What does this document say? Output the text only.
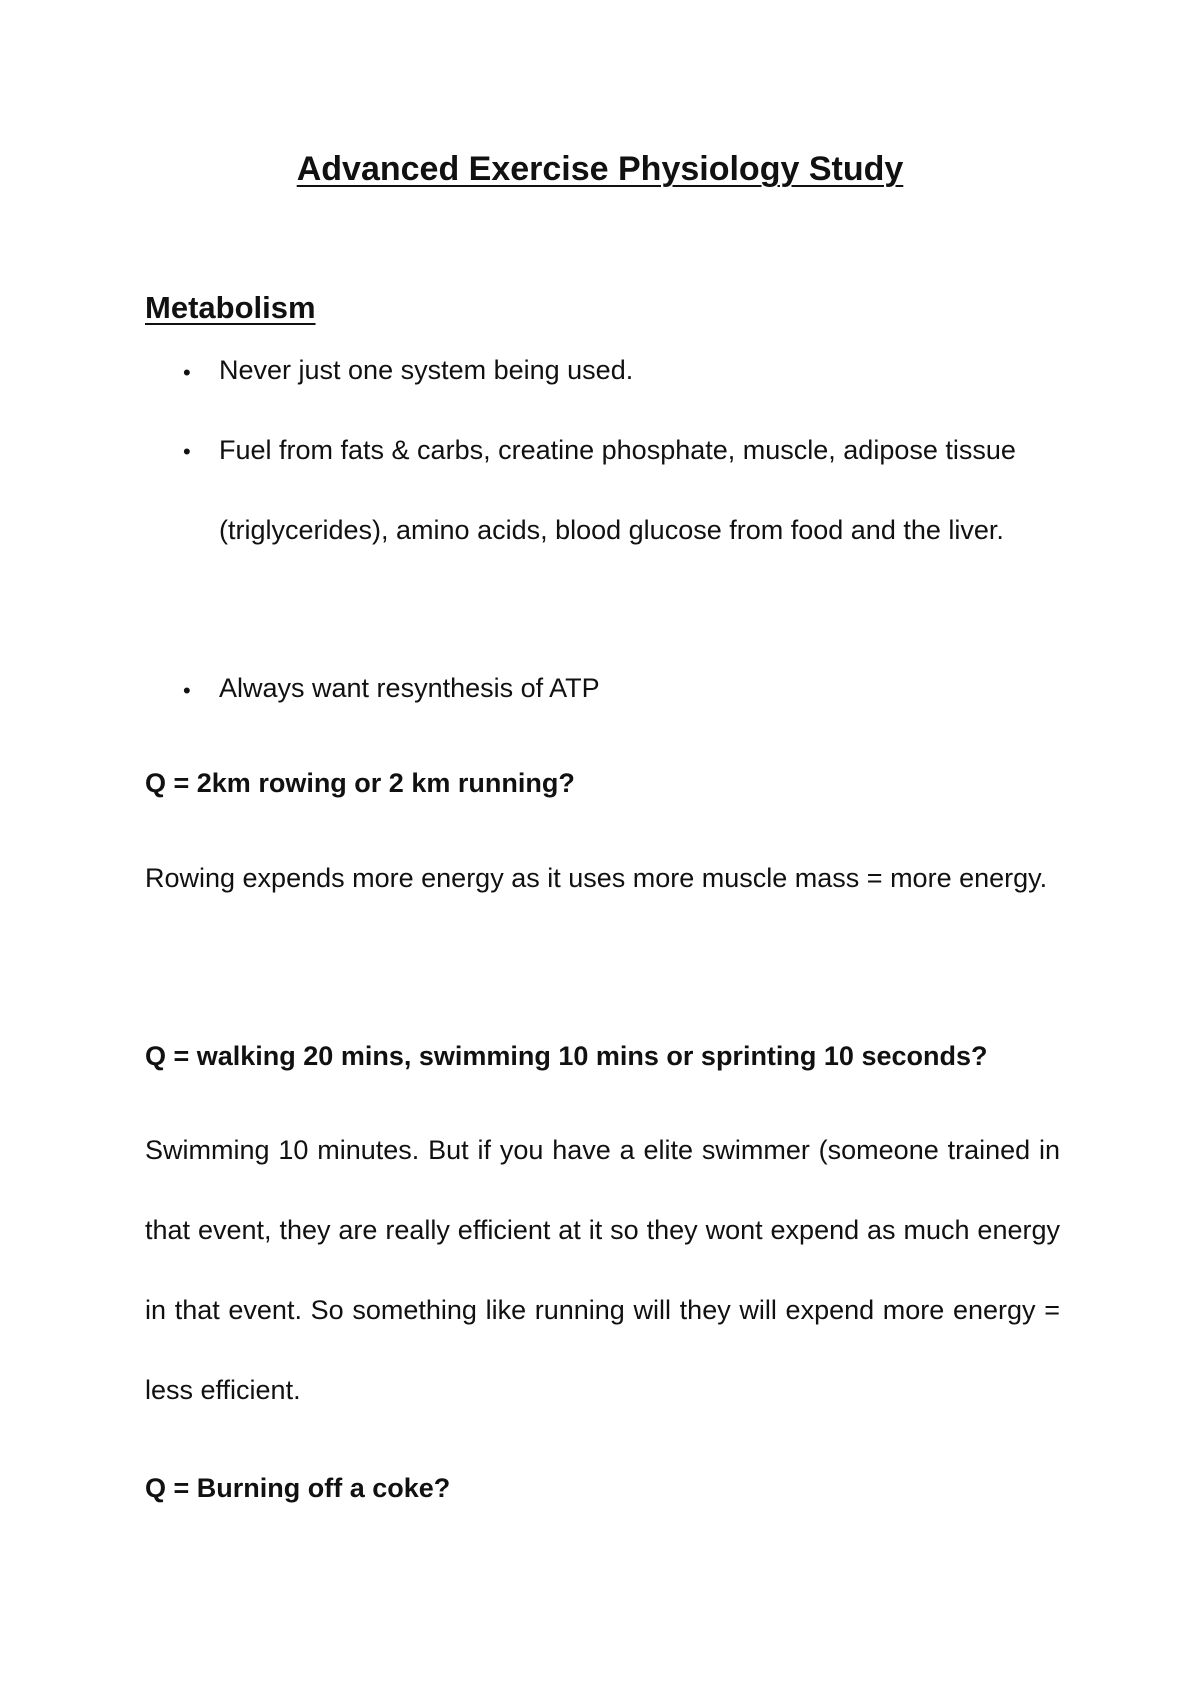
Advanced Exercise Physiology Study
Metabolism
• Never just one system being used.

• Fuel from fats & carbs, creatine phosphate, muscle, adipose tissue (triglycerides), amino acids, blood glucose from food and the liver.

• Always want resynthesis of ATP

Q = 2km rowing or 2 km running?

Rowing expends more energy as it uses more muscle mass = more energy.

Q = walking 20 mins, swimming 10 mins or sprinting 10 seconds?

Swimming 10 minutes. But if you have a elite swimmer (someone trained in that event, they are really efficient at it so they wont expend as much energy in that event. So something like running will they will expend more energy = less efficient.

Q = Burning off a coke?
